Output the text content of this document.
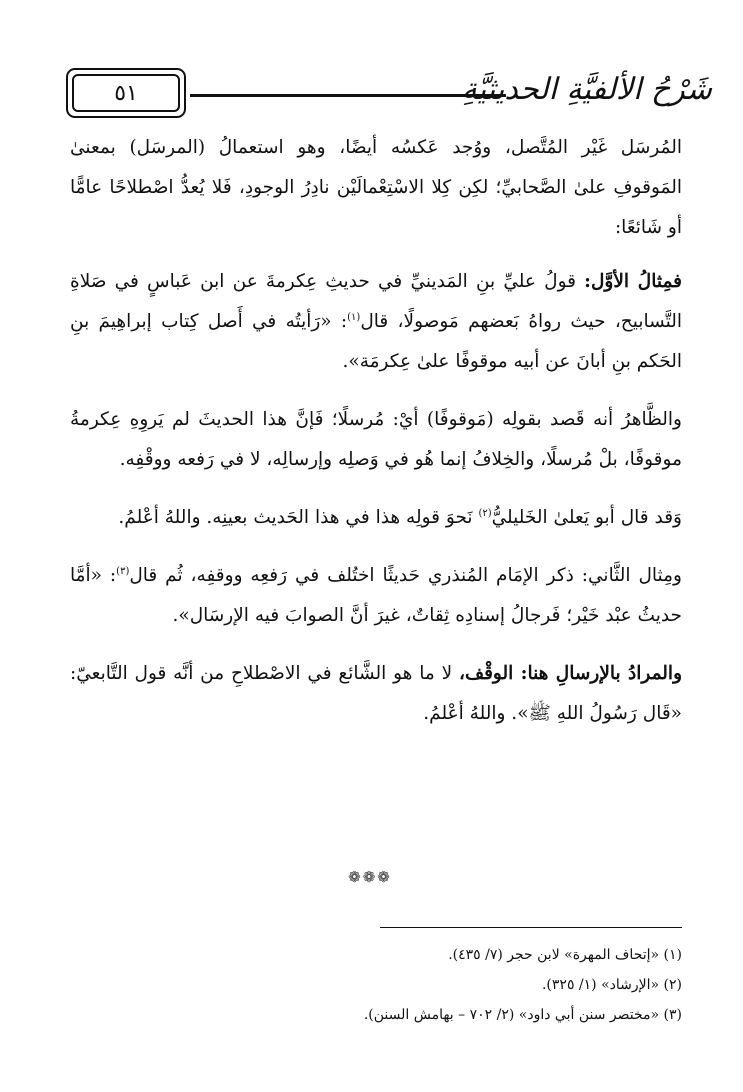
٥١	شَرْحُ الألفيَّةِ الحديثيَّةِ

المُرسَل غَيْر المُتَّصل، ووُجد عَكسُه أيضًا، وهو استعمالُ (المرسَل) بمعنىٰ المَوقوفِ علىٰ الصَّحابيِّ؛ لكِن كِلا الاسْتِعْمالَيْن نادِرُ الوجودِ، فَلا يُعدُّ اصْطلاحًا عامًّا أو شَائعًا:

فمِثالُ الأوَّل: قولُ عليِّ بنِ المَدينيِّ في حديثِ عِكرمةَ عن ابن عَباسٍ في صَلاةِ التَّسابيح، حيث رواهُ بَعضهم مَوصولًا، قال$^{(١)}$: «رَأيتُه في أَصل كِتاب إبراهِيمَ بنِ الحَكم بنِ أبانَ عن أبيه موقوفًا علىٰ عِكرمَة».

والظَّاهرُ أنه قَصد بقولِه (مَوقوفًا) أيْ: مُرسلًا؛ فَإنَّ هذا الحديثَ لم يَروِهِ عِكرمةُ موقوفًا، بلْ مُرسلًا، والخِلافُ إنما هُو في وَصلِه وإرسالِه، لا في رَفعه ووقْفِه.

وَقد قال أبو يَعلىٰ الخَليليُّ$^{(٢)}$ نَحوَ قولِه هذا في هذا الحَديث بعينِه. واللهُ أعْلمُ.

ومِثال الثَّاني: ذكر الإمَام المُنذري حَديثًا اختُلف في رَفعِه ووقفِه، ثُم قال$^{(٣)}$: «أمَّا حديثُ عبْد خَيْر؛ فَرجالُ إسنادِه ثِقاتٌ، غيرَ أنَّ الصوابَ فيه الإرسَال».

والمرادُ بالإرسالِ هنا: الوقْف، لا ما هو الشَّائع في الاصْطلاحِ من أنَّه قول التَّابعيّ: «قَال رَسُولُ اللهِ ﷺ». واللهُ أعْلمُ.

❁❁❁
(١) «إتحاف المهرة» لابن حجر (٧/ ٤٣٥).
(٢) «الإرشاد» (١/ ٣٢٥).
(٣) «مختصر سنن أبي داود» (٢/ ٧٠٢ – بهامش السنن).
